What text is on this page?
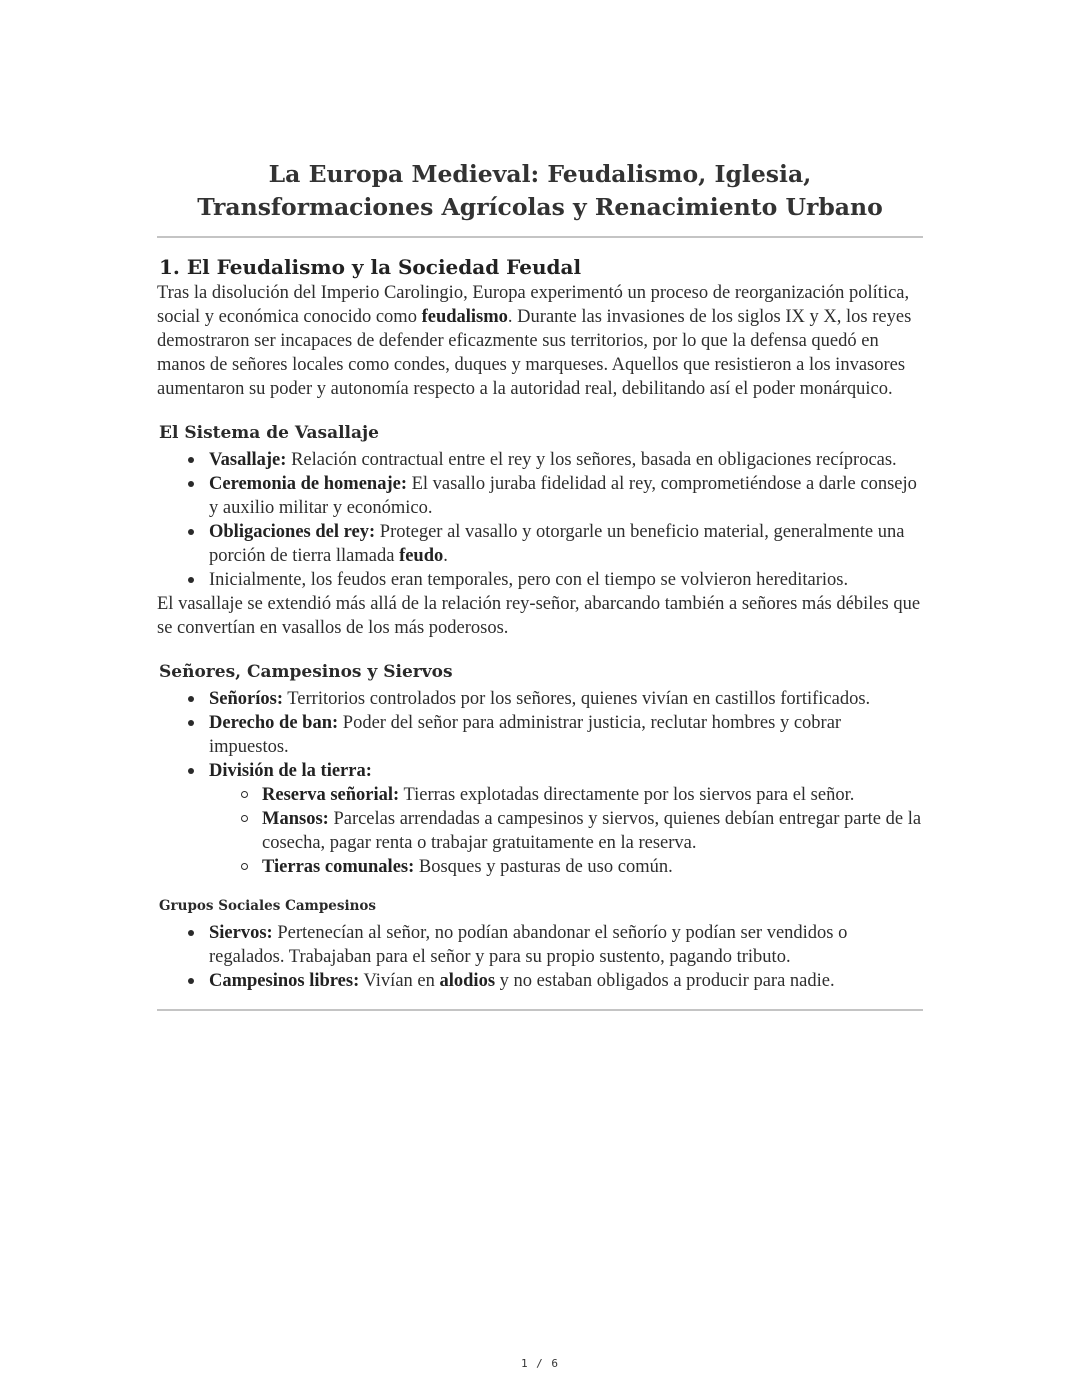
La Europa Medieval: Feudalismo, Iglesia, Transformaciones Agrícolas y Renacimiento Urbano
1. El Feudalismo y la Sociedad Feudal

Tras la disolución del Imperio Carolingio, Europa experimentó un proceso de reorganización política, social y económica conocido como feudalismo. Durante las invasiones de los siglos IX y X, los reyes demostraron ser incapaces de defender eficazmente sus territorios, por lo que la defensa quedó en manos de señores locales como condes, duques y marqueses. Aquellos que resistieron a los invasores aumentaron su poder y autonomía respecto a la autoridad real, debilitando así el poder monárquico.

El Sistema de Vasallaje
Vasallaje: Relación contractual entre el rey y los señores, basada en obligaciones recíprocas.
Ceremonia de homenaje: El vasallo juraba fidelidad al rey, comprometiéndose a darle consejo y auxilio militar y económico.
Obligaciones del rey: Proteger al vasallo y otorgarle un beneficio material, generalmente una porción de tierra llamada feudo.
Inicialmente, los feudos eran temporales, pero con el tiempo se volvieron hereditarios.

El vasallaje se extendió más allá de la relación rey-señor, abarcando también a señores más débiles que se convertían en vasallos de los más poderosos.

Señores, Campesinos y Siervos
Señoríos: Territorios controlados por los señores, quienes vivían en castillos fortificados.
Derecho de ban: Poder del señor para administrar justicia, reclutar hombres y cobrar impuestos.
División de la tierra:
Reserva señorial: Tierras explotadas directamente por los siervos para el señor.
Mansos: Parcelas arrendadas a campesinos y siervos, quienes debían entregar parte de la cosecha, pagar renta o trabajar gratuitamente en la reserva.
Tierras comunales: Bosques y pasturas de uso común.
Grupos Sociales Campesinos
Siervos: Pertenecían al señor, no podían abandonar el señorío y podían ser vendidos o regalados. Trabajaban para el señor y para su propio sustento, pagando tributo.
Campesinos libres: Vivían en alodios y no estaban obligados a producir para nadie.
1 / 6
